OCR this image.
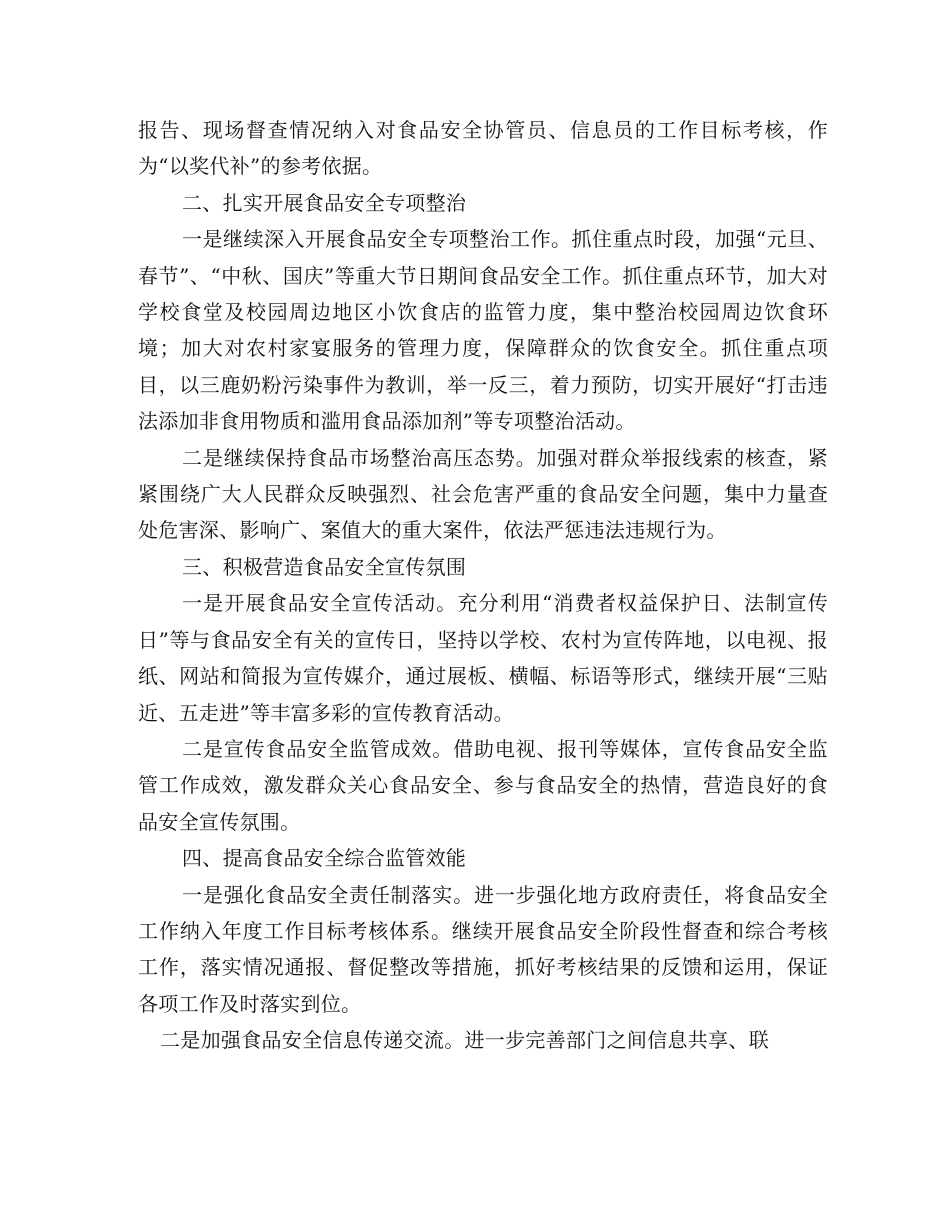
报告、现场督查情况纳入对食品安全协管员、信息员的工作目标考核，作为“以奖代补”的参考依据。

二、扎实开展食品安全专项整治

一是继续深入开展食品安全专项整治工作。抓住重点时段，加强“元旦、春节”、“中秋、国庆”等重大节日期间食品安全工作。抓住重点环节，加大对学校食堂及校园周边地区小饮食店的监管力度，集中整治校园周边饮食环境；加大对农村家宴服务的管理力度，保障群众的饮食安全。抓住重点项目，以三鹿奶粉污染事件为教训，举一反三，着力预防，切实开展好“打击违法添加非食用物质和滥用食品添加剂”等专项整治活动。

二是继续保持食品市场整治高压态势。加强对群众举报线索的核查，紧紧围绕广大人民群众反映强烈、社会危害严重的食品安全问题，集中力量查处危害深、影响广、案值大的重大案件，依法严惩违法违规行为。

三、积极营造食品安全宣传氛围

一是开展食品安全宣传活动。充分利用“消费者权益保护日、法制宣传日”等与食品安全有关的宣传日，坚持以学校、农村为宣传阵地，以电视、报纸、网站和简报为宣传媒介，通过展板、横幅、标语等形式，继续开展“三贴近、五走进”等丰富多彩的宣传教育活动。

二是宣传食品安全监管成效。借助电视、报刊等媒体，宣传食品安全监管工作成效，激发群众关心食品安全、参与食品安全的热情，营造良好的食品安全宣传氛围。

四、提高食品安全综合监管效能

一是强化食品安全责任制落实。进一步强化地方政府责任，将食品安全工作纳入年度工作目标考核体系。继续开展食品安全阶段性督查和综合考核工作，落实情况通报、督促整改等措施，抓好考核结果的反馈和运用，保证各项工作及时落实到位。

二是加强食品安全信息传递交流。进一步完善部门之间信息共享、联
